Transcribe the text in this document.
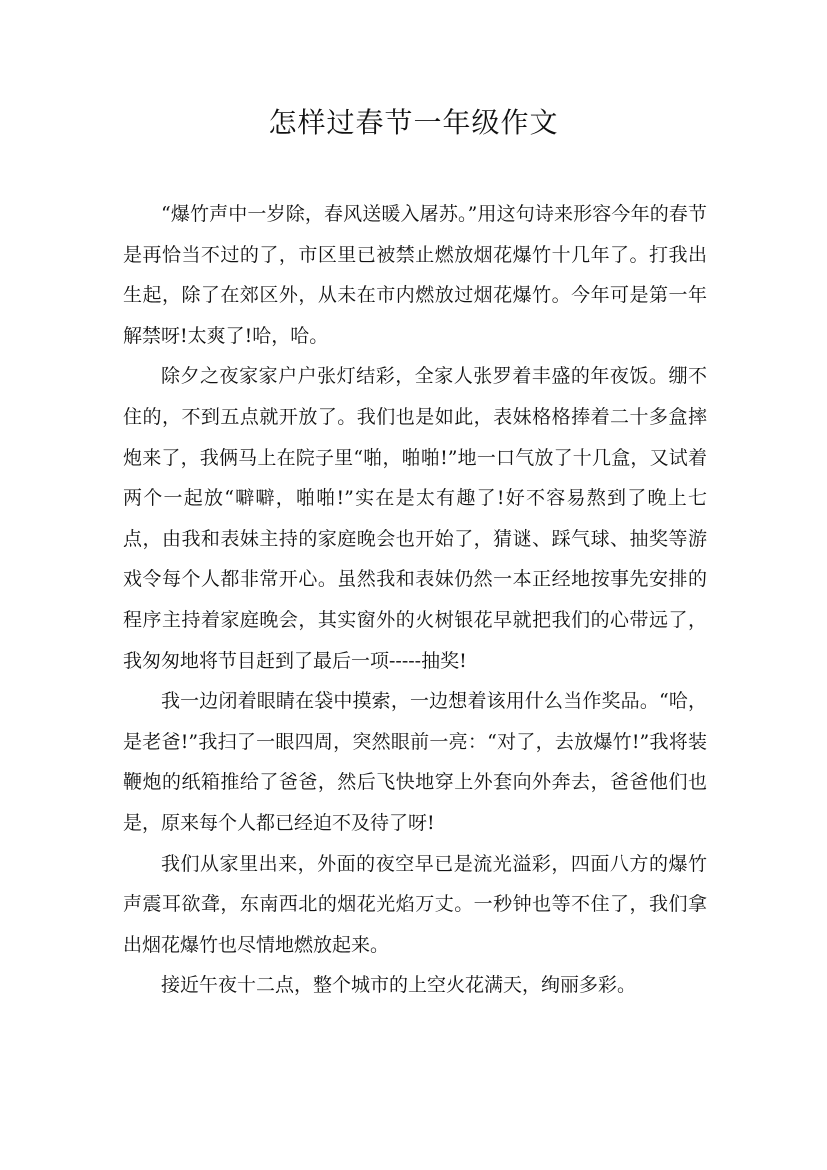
怎样过春节一年级作文

“爆竹声中一岁除，春风送暖入屠苏。”用这句诗来形容今年的春节是再恰当不过的了，市区里已被禁止燃放烟花爆竹十几年了。打我出生起，除了在郊区外，从未在市内燃放过烟花爆竹。今年可是第一年解禁呀!太爽了!哈，哈。

除夕之夜家家户户张灯结彩，全家人张罗着丰盛的年夜饭。绷不住的，不到五点就开放了。我们也是如此，表妹格格捧着二十多盒摔炮来了，我俩马上在院子里“啪，啪啪!”地一口气放了十几盒，又试着两个一起放“噼噼，啪啪!”实在是太有趣了!好不容易熬到了晚上七点，由我和表妹主持的家庭晚会也开始了，猜谜、踩气球、抽奖等游戏令每个人都非常开心。虽然我和表妹仍然一本正经地按事先安排的程序主持着家庭晚会，其实窗外的火树银花早就把我们的心带远了，我匆匆地将节目赶到了最后一项-----抽奖!

我一边闭着眼睛在袋中摸索，一边想着该用什么当作奖品。“哈，是老爸!”我扫了一眼四周，突然眼前一亮：“对了，去放爆竹!”我将装鞭炮的纸箱推给了爸爸，然后飞快地穿上外套向外奔去，爸爸他们也是，原来每个人都已经迫不及待了呀!

我们从家里出来，外面的夜空早已是流光溢彩，四面八方的爆竹声震耳欲聋，东南西北的烟花光焰万丈。一秒钟也等不住了，我们拿出烟花爆竹也尽情地燃放起来。

接近午夜十二点，整个城市的上空火花满天，绚丽多彩。
